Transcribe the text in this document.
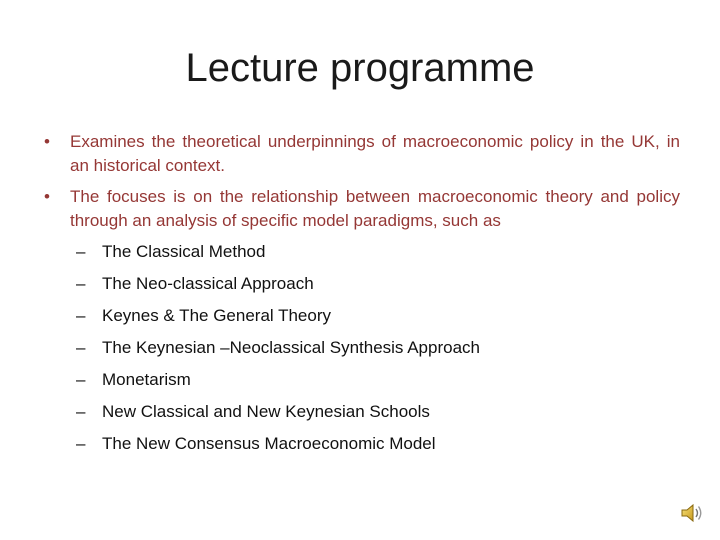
Lecture programme
•	Examines the theoretical underpinnings of macroeconomic policy in the UK, in an historical context.
•	The focuses is on the relationship between macroeconomic theory and policy through an analysis of specific model paradigms, such as
– The Classical Method
– The Neo-classical Approach
– Keynes & The General Theory
– The Keynesian –Neoclassical Synthesis Approach
– Monetarism
– New Classical and New Keynesian Schools
– The New Consensus Macroeconomic Model
